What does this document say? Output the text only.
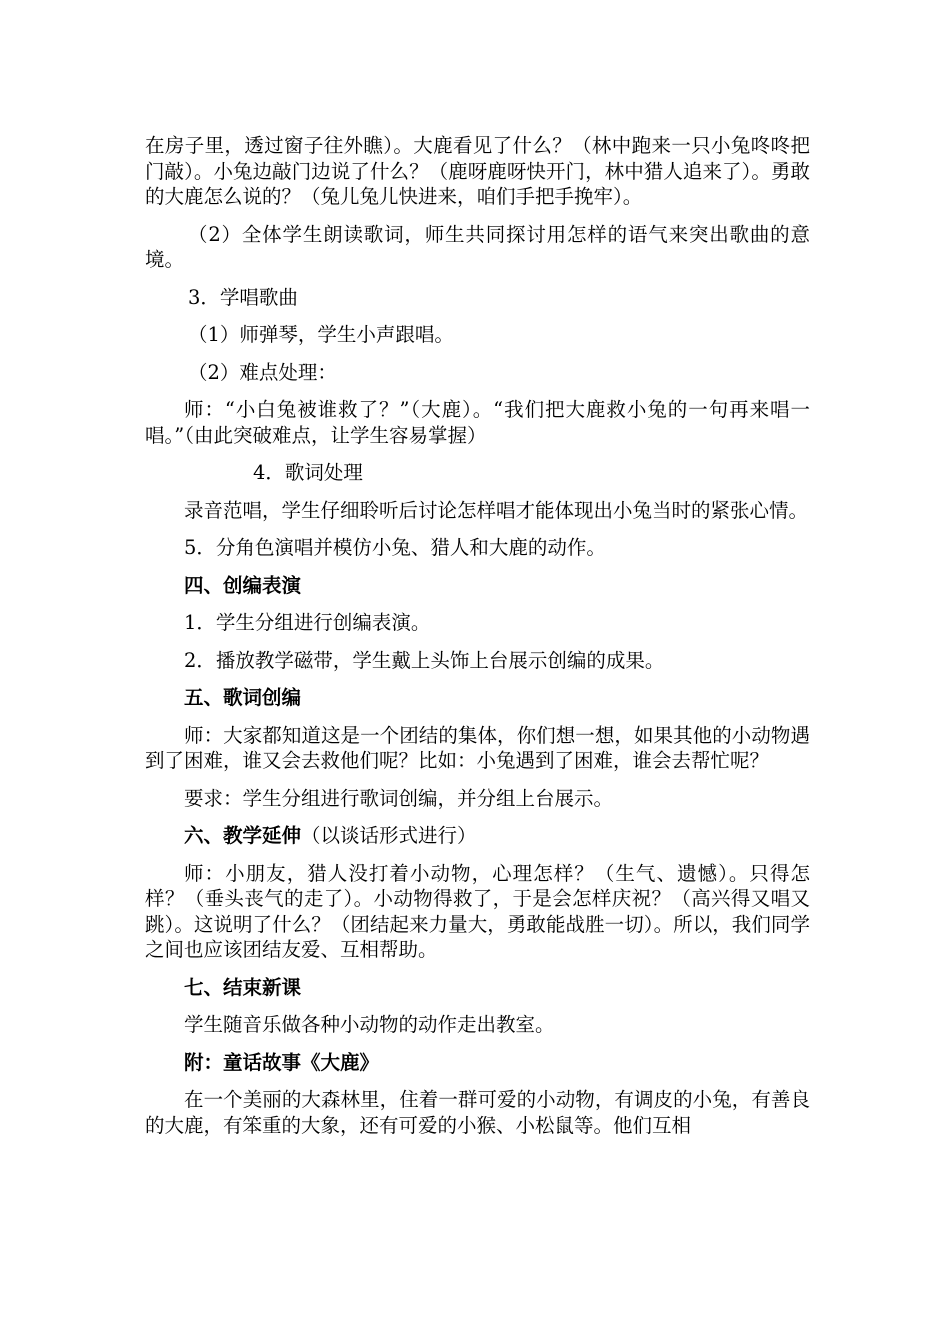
在房子里，透过窗子往外瞧）。大鹿看见了什么？（林中跑来一只小兔咚咚把门敲）。小兔边敲门边说了什么？（鹿呀鹿呀快开门，林中猎人追来了）。勇敢的大鹿怎么说的？（兔儿兔儿快进来，咱们手把手挽牢）。

（2）全体学生朗读歌词，师生共同探讨用怎样的语气来突出歌曲的意境。

3．学唱歌曲

（1）师弹琴，学生小声跟唱。

（2）难点处理：

师：“小白兔被谁救了？”（大鹿）。“我们把大鹿救小兔的一句再来唱一唱。”（由此突破难点，让学生容易掌握）

4．歌词处理

录音范唱，学生仔细聆听后讨论怎样唱才能体现出小兔当时的紧张心情。

5．分角色演唱并模仿小兔、猎人和大鹿的动作。

四、创编表演

1．学生分组进行创编表演。

2．播放教学磁带，学生戴上头饰上台展示创编的成果。

五、歌词创编

师：大家都知道这是一个团结的集体，你们想一想，如果其他的小动物遇到了困难，谁又会去救他们呢？比如：小兔遇到了困难，谁会去帮忙呢？

要求：学生分组进行歌词创编，并分组上台展示。

六、教学延伸（以谈话形式进行）

师：小朋友，猎人没打着小动物，心理怎样？（生气、遗憾）。只得怎样？（垂头丧气的走了）。小动物得救了，于是会怎样庆祝？（高兴得又唱又跳）。这说明了什么？（团结起来力量大，勇敢能战胜一切）。所以，我们同学之间也应该团结友爱、互相帮助。

七、结束新课

学生随音乐做各种小动物的动作走出教室。

附：童话故事《大鹿》

在一个美丽的大森林里，住着一群可爱的小动物，有调皮的小兔，有善良的大鹿，有笨重的大象，还有可爱的小猴、小松鼠等。他们互相
